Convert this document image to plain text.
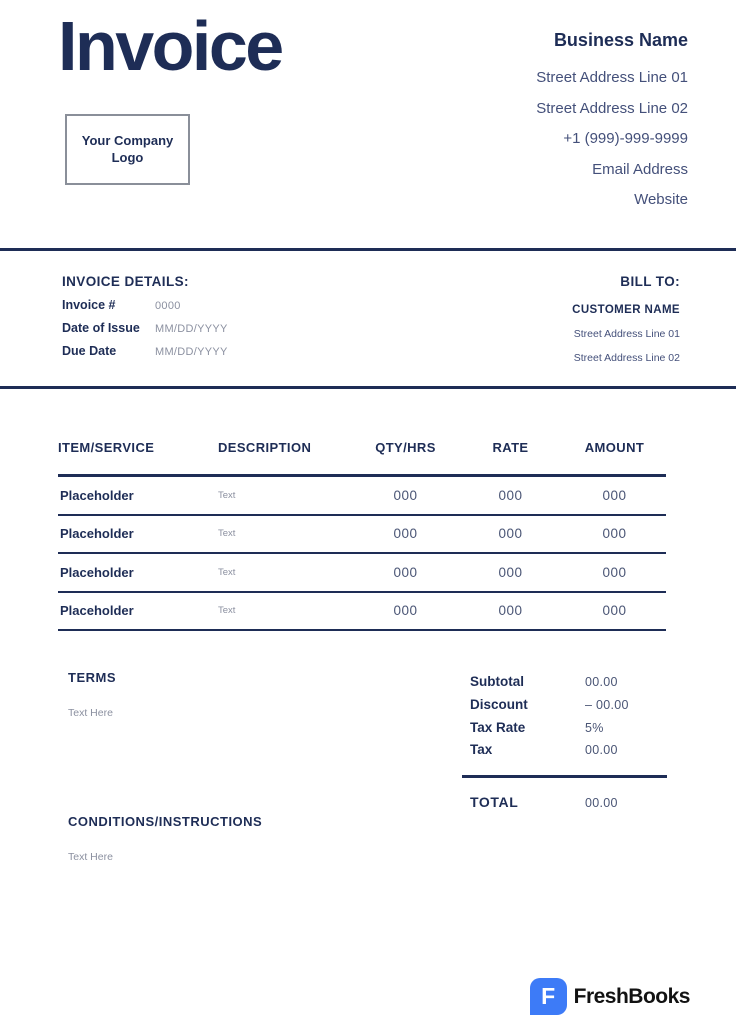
Invoice
Your Company
Logo
Business Name
Street Address Line 01
Street Address Line 02
+1 (999)-999-9999
Email Address
Website
INVOICE DETAILS:
Invoice #	0000
Date of Issue	MM/DD/YYYY
Due Date	MM/DD/YYYY
BILL TO:
CUSTOMER NAME
Street Address Line 01
Street Address Line 02
ITEM/SERVICE	DESCRIPTION	QTY/HRS	RATE	AMOUNT
Placeholder	Text	000	000	000
Placeholder	Text	000	000	000
Placeholder	Text	000	000	000
Placeholder	Text	000	000	000
TERMS
Text Here
Subtotal	00.00
Discount	– 00.00
Tax Rate	5%
Tax	00.00
TOTAL	00.00
CONDITIONS/INSTRUCTIONS
Text Here
F FreshBooks
